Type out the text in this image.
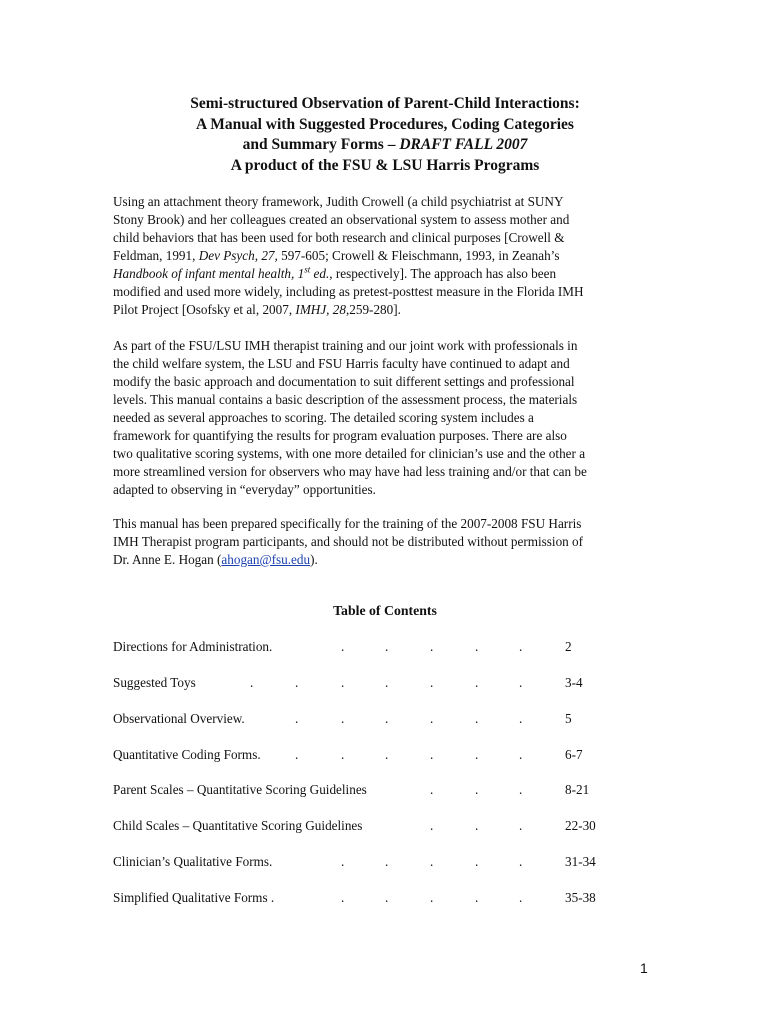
Semi-structured Observation of Parent-Child Interactions:
A Manual with Suggested Procedures, Coding Categories
and Summary Forms – DRAFT FALL 2007
A product of the FSU & LSU Harris Programs
Using an attachment theory framework, Judith Crowell (a child psychiatrist at SUNY
Stony Brook) and her colleagues created an observational system to assess mother and
child behaviors that has been used for both research and clinical purposes [Crowell &
Feldman, 1991, Dev Psych, 27, 597-605; Crowell & Fleischmann, 1993, in Zeanah’s
Handbook of infant mental health, 1st ed., respectively]. The approach has also been
modified and used more widely, including as pretest-posttest measure in the Florida IMH
Pilot Project [Osofsky et al, 2007, IMHJ, 28,259-280].
As part of the FSU/LSU IMH therapist training and our joint work with professionals in
the child welfare system, the LSU and FSU Harris faculty have continued to adapt and
modify the basic approach and documentation to suit different settings and professional
levels. This manual contains a basic description of the assessment process, the materials
needed as several approaches to scoring. The detailed scoring system includes a
framework for quantifying the results for program evaluation purposes. There are also
two qualitative scoring systems, with one more detailed for clinician’s use and the other a
more streamlined version for observers who may have had less training and/or that can be
adapted to observing in “everyday” opportunities.
This manual has been prepared specifically for the training of the 2007-2008 FSU Harris
IMH Therapist program participants, and should not be distributed without permission of
Dr. Anne E. Hogan (ahogan@fsu.edu).
Table of Contents
Directions for Administration.	.	.	.	.	.	2
Suggested Toys	.	.	.	.	.	.	.	3-4
Observational Overview.	.	.	.	.	.	.	5
Quantitative Coding Forms.	.	.	.	.	.	.	6-7
Parent Scales – Quantitative Scoring Guidelines	.	.	.	8-21
Child Scales – Quantitative Scoring Guidelines	.	.	.	22-30
Clinician’s Qualitative Forms.	.	.	.	.	.	31-34
Simplified Qualitative Forms .	.	.	.	.	.	35-38
1
